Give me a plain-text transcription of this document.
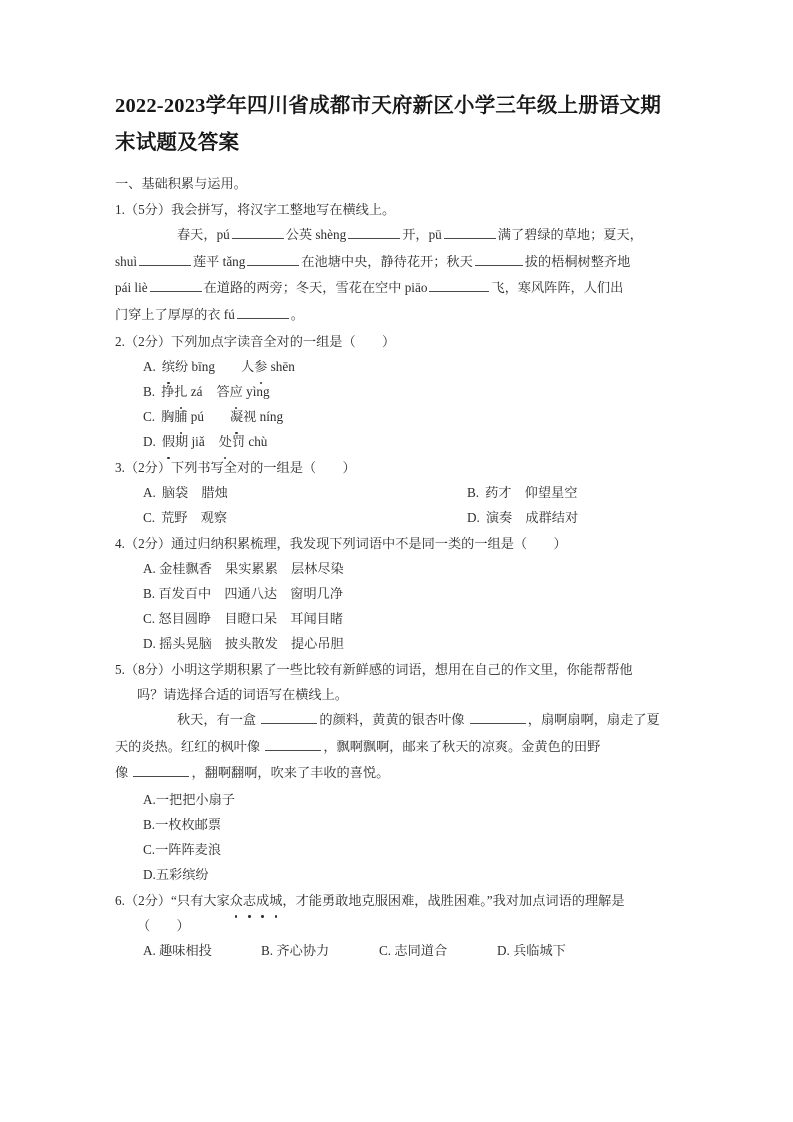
2022-2023学年四川省成都市天府新区小学三年级上册语文期末试题及答案
一、基础积累与运用。
1.（5分）我会拼写，将汉字工整地写在横线上。
春天，pú	公英 shèng	开，pū	满了碧绿的草地；夏天，
shuì	莲平 tǎng	在池塘中央，静待花开；秋天	拔的梧桐树整齐地
pái liè	在道路的两旁；冬天，雪花在空中 piāo	飞，寒风阵阵，人们出
门穿上了厚厚的衣 fú	。
2.（2分）下列加点字读音全对的一组是（　　）
A. 缤纷 bīng 人参 shēn
B. 挣扎 zá 答应 yìng
C. 胸脯 pú 凝视 níng
D. 假期 jiǎ 处罚 chù
3.（2分）下列书写全对的一组是（　　）
A. 脑袋　腊烛	B. 药才　仰望星空
C. 荒野　观察	D. 演奏　成群结对
4.（2分）通过归纳积累梳理，我发现下列词语中不是同一类的一组是（　　）
A. 金桂飘香　果实累累　层林尽染
B. 百发百中　四通八达　窗明几净
C. 怒目圆睁　目瞪口呆　耳闻目睹
D. 摇头晃脑　披头散发　提心吊胆
5.（8分）小明这学期积累了一些比较有新鲜感的词语，想用在自己的作文里，你能帮帮他
吗？请选择合适的词语写在横线上。
秋天，有一盒	的颜料，黄黄的银杏叶像	，扇啊扇啊，扇走了夏
天的炎热。红红的枫叶像	，飘啊飘啊，邮来了秋天的凉爽。金黄色的田野
像	，翻啊翻啊，吹来了丰收的喜悦。
A.一把把小扇子
B.一枚枚邮票
C.一阵阵麦浪
D.五彩缤纷
6.（2分）“只有大家众志成城，才能勇敢地克服困难，战胜困难。”我对加点词语的理解是
（　　）
A. 趣味相投	B. 齐心协力	C. 志同道合	D. 兵临城下
